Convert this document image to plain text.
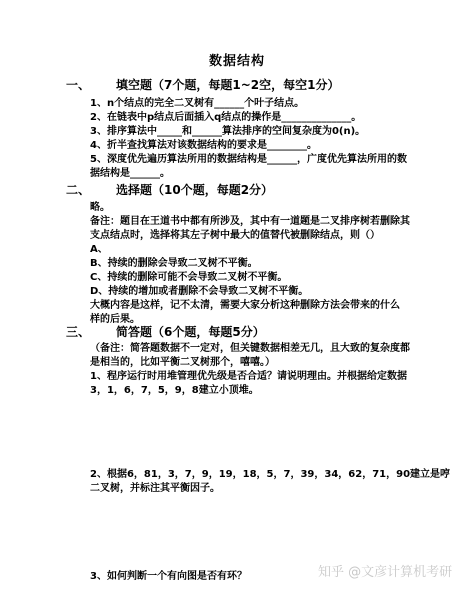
数据结构
一、 填空题（7个题，每题1~2空，每空1分）
1、n个结点的完全二叉树有______个叶子结点。
2、在链表中p结点后面插入q结点的操作是______________。
3、排序算法中_____和______算法排序的空间复杂度为0(n)。
4、折半查找算法对该数据结构的要求是________。
5、深度优先遍历算法所用的数据结构是______，广度优先算法所用的数
据结构是______。
二、 选择题（10个题，每题2分）
略。
备注：题目在王道书中都有所涉及，其中有一道题是二叉排序树若删除其
支点结点时，选择将其左子树中最大的值替代被删除结点，则（）
A、
B、持续的删除会导致二叉树不平衡。
C、持续的删除可能不会导致二叉树不平衡。
D、持续的增加或者删除不会导致二叉树不平衡。
大概内容是这样，记不太清，需要大家分析这种删除方法会带来的什么
样的后果。
三、 简答题（6个题，每题5分）
（备注：简答题数据不一定对，但关键数据相差无几，且大致的复杂度都
是相当的，比如平衡二叉树那个，嘻嘻。）
1、程序运行时用堆管理优先级是否合适？请说明理由。并根据给定数据
3，1，6，7，5，9，8建立小顶堆。
2、根据6，81，3，7，9，19，18，5，7，39，34，62，71，90建立是哼
二叉树，并标注其平衡因子。
3、如何判断一个有向图是否有环？	知乎 @文彦计算机考研
